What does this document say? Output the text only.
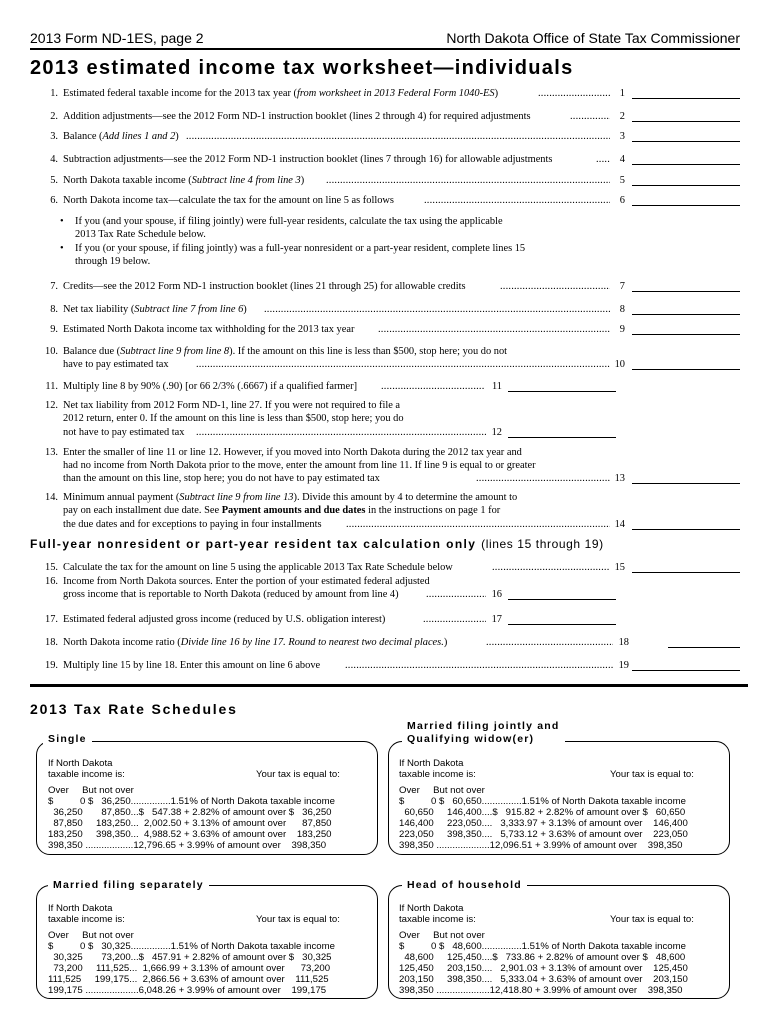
2013 Form ND-1ES, page 2	North Dakota Office of State Tax Commissioner
2013 estimated income tax worksheet—individuals
1. Estimated federal taxable income for the 2013 tax year (from worksheet in 2013 Federal Form 1040-ES) .....	1
2. Addition adjustments—see the 2012 Form ND-1 instruction booklet (lines 2 through 4) for required adjustments .....	2
3. Balance (Add lines 1 and 2) .....	3
4. Subtraction adjustments—see the 2012 Form ND-1 instruction booklet (lines 7 through 16) for allowable adjustments .....	4
5. North Dakota taxable income (Subtract line 4 from line 3) .....	5
6. North Dakota income tax—calculate the tax for the amount on line 5 as follows .....	6
• If you (and your spouse, if filing jointly) were full-year residents, calculate the tax using the applicable
2013 Tax Rate Schedule below.
• If you (or your spouse, if filing jointly) was a full-year nonresident or a part-year resident, complete lines 15
through 19 below.
7. Credits—see the 2012 Form ND-1 instruction booklet (lines 21 through 25) for allowable credits .....	7
8. Net tax liability (Subtract line 7 from line 6) .....	8
9. Estimated North Dakota income tax withholding for the 2013 tax year .....	9
10. Balance due (Subtract line 9 from line 8). If the amount on this line is less than $500, stop here; you do not
have to pay estimated tax .....	10
11. Multiply line 8 by 90% (.90) [or 66 2/3% (.6667) if a qualified farmer] .....	11
12. Net tax liability from 2012 Form ND-1, line 27. If you were not required to file a
2012 return, enter 0. If the amount on this line is less than $500, stop here; you do
not have to pay estimated tax .....	12
13. Enter the smaller of line 11 or line 12. However, if you moved into North Dakota during the 2012 tax year and
had no income from North Dakota prior to the move, enter the amount from line 11. If line 9 is equal to or greater
than the amount on this line, stop here; you do not have to pay estimated tax .....	13
14. Minimum annual payment (Subtract line 9 from line 13). Divide this amount by 4 to determine the amount to
pay on each installment due date. See Payment amounts and due dates in the instructions on page 1 for
the due dates and for exceptions to paying in four installments .....	14
Full-year nonresident or part-year resident tax calculation only (lines 15 through 19)
15. Calculate the tax for the amount on line 5 using the applicable 2013 Tax Rate Schedule below .....	15
16. Income from North Dakota sources. Enter the portion of your estimated federal adjusted
gross income that is reportable to North Dakota (reduced by amount from line 4) .....	16
17. Estimated federal adjusted gross income (reduced by U.S. obligation interest) .....	17
18. North Dakota income ratio (Divide line 16 by line 17. Round to nearest two decimal places.) .....	18
19. Multiply line 15 by line 18. Enter this amount on line 6 above .....	19
2013 Tax Rate Schedules
Single
If North Dakota
taxable income is:	Your tax is equal to:
Over     But not over
$          0 $   36,250...............1.51% of North Dakota taxable income
36,250       87,850...$   547.38 + 2.82% of amount over $   36,250
87,850     183,250...  2,002.50 + 3.13% of amount over      87,850
183,250     398,350...  4,988.52 + 3.63% of amount over    183,250
398,350 ..................12,796.65 + 3.99% of amount over    398,350
Married filing jointly and
Qualifying widow(er)
If North Dakota
taxable income is:	Your tax is equal to:
Over     But not over
$          0 $   60,650...............1.51% of North Dakota taxable income
60,650     146,400....$   915.82 + 2.82% of amount over $   60,650
146,400     223,050....   3,333.97 + 3.13% of amount over    146,400
223,050     398,350....   5,733.12 + 3.63% of amount over    223,050
398,350 ....................12,096.51 + 3.99% of amount over    398,350
Married filing separately
If North Dakota
taxable income is:	Your tax is equal to:
Over     But not over
$          0 $   30,325...............1.51% of North Dakota taxable income
30,325       73,200...$   457.91 + 2.82% of amount over $   30,325
73,200     111,525...  1,666.99 + 3.13% of amount over      73,200
111,525     199,175...  2,866.56 + 3.63% of amount over    111,525
199,175 ....................6,048.26 + 3.99% of amount over    199,175
Head of household
If North Dakota
taxable income is:	Your tax is equal to:
Over     But not over
$          0 $   48,600...............1.51% of North Dakota taxable income
48,600     125,450....$   733.86 + 2.82% of amount over $   48,600
125,450     203,150....   2,901.03 + 3.13% of amount over    125,450
203,150     398,350....   5,333.04 + 3.63% of amount over    203,150
398,350 ....................12,418.80 + 3.99% of amount over    398,350
